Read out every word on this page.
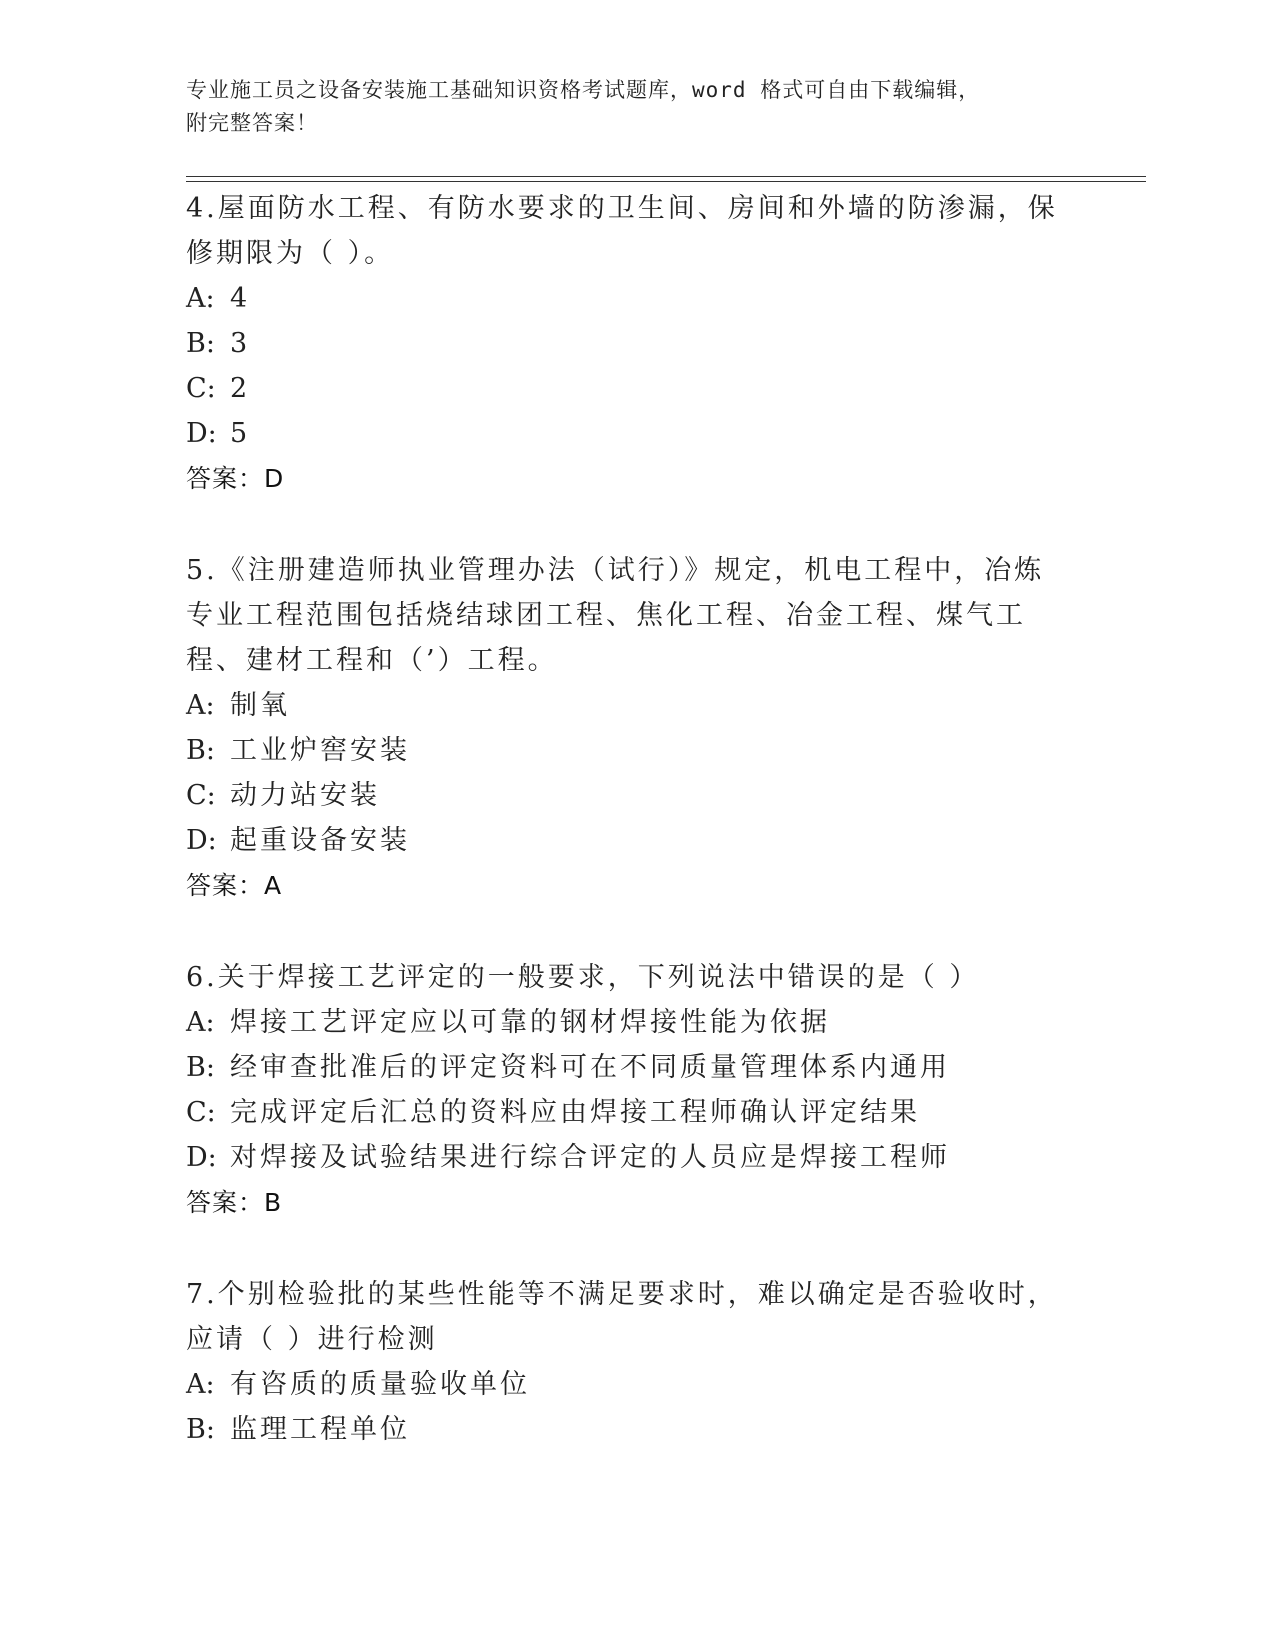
专业施工员之设备安装施工基础知识资格考试题库，word 格式可自由下载编辑，
附完整答案！

4.屋面防水工程、有防水要求的卫生间、房间和外墙的防渗漏，保修期限为（ ）。

A: 4

B: 3

C: 2

D: 5

答案：D

5.《注册建造师执业管理办法（试行）》规定，机电工程中，冶炼专业工程范围包括烧结球团工程、焦化工程、冶金工程、煤气工程、建材工程和（’）工程。

A: 制氧

B: 工业炉窖安装

C: 动力站安装

D: 起重设备安装

答案：A

6.关于焊接工艺评定的一般要求，下列说法中错误的是（ ）

A: 焊接工艺评定应以可靠的钢材焊接性能为依据

B: 经审查批准后的评定资料可在不同质量管理体系内通用

C: 完成评定后汇总的资料应由焊接工程师确认评定结果

D: 对焊接及试验结果进行综合评定的人员应是焊接工程师

答案：B

7.个别检验批的某些性能等不满足要求时，难以确定是否验收时，应请（ ）进行检测

A: 有咨质的质量验收单位

B: 监理工程单位
